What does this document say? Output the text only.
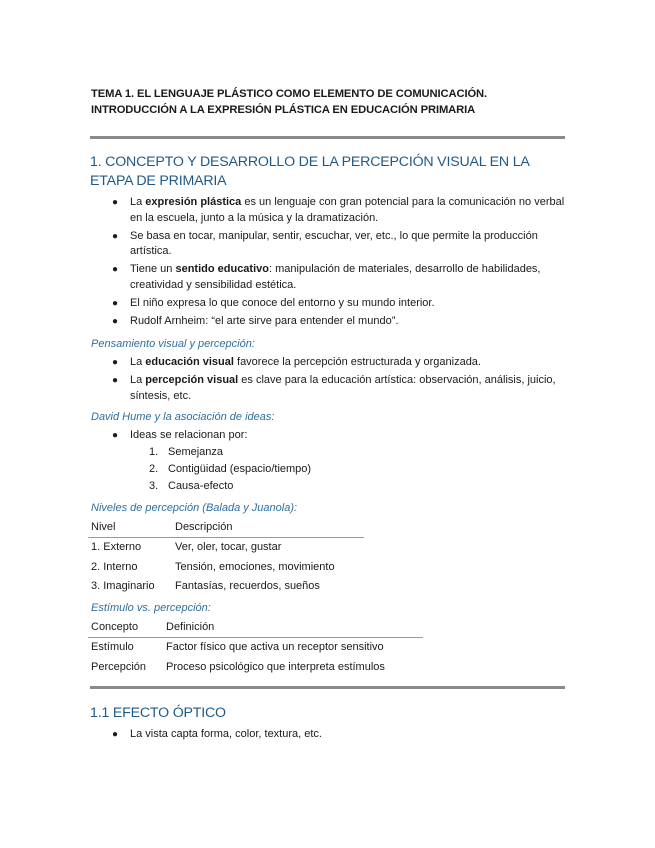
TEMA 1. EL LENGUAJE PLÁSTICO COMO ELEMENTO DE COMUNICACIÓN.
INTRODUCCIÓN A LA EXPRESIÓN PLÁSTICA EN EDUCACIÓN PRIMARIA
1. CONCEPTO Y DESARROLLO DE LA PERCEPCIÓN VISUAL EN LA ETAPA DE PRIMARIA
● La expresión plástica es un lenguaje con gran potencial para la comunicación no verbal en la escuela, junto a la música y la dramatización.
● Se basa en tocar, manipular, sentir, escuchar, ver, etc., lo que permite la producción artística.
● Tiene un sentido educativo: manipulación de materiales, desarrollo de habilidades, creatividad y sensibilidad estética.
● El niño expresa lo que conoce del entorno y su mundo interior.
● Rudolf Arnheim: “el arte sirve para entender el mundo”.
Pensamiento visual y percepción:
● La educación visual favorece la percepción estructurada y organizada.
● La percepción visual es clave para la educación artística: observación, análisis, juicio, síntesis, etc.
David Hume y la asociación de ideas:
● Ideas se relacionan por:
1. Semejanza
2. Contigüidad (espacio/tiempo)
3. Causa-efecto
Niveles de percepción (Balada y Juanola):
Nivel	Descripción
1. Externo	Ver, oler, tocar, gustar
2. Interno	Tensión, emociones, movimiento
3. Imaginario	Fantasías, recuerdos, sueños
Estímulo vs. percepción:
Concepto	Definición
Estímulo	Factor físico que activa un receptor sensitivo
Percepción	Proceso psicológico que interpreta estímulos
1.1 EFECTO ÓPTICO
● La vista capta forma, color, textura, etc.
